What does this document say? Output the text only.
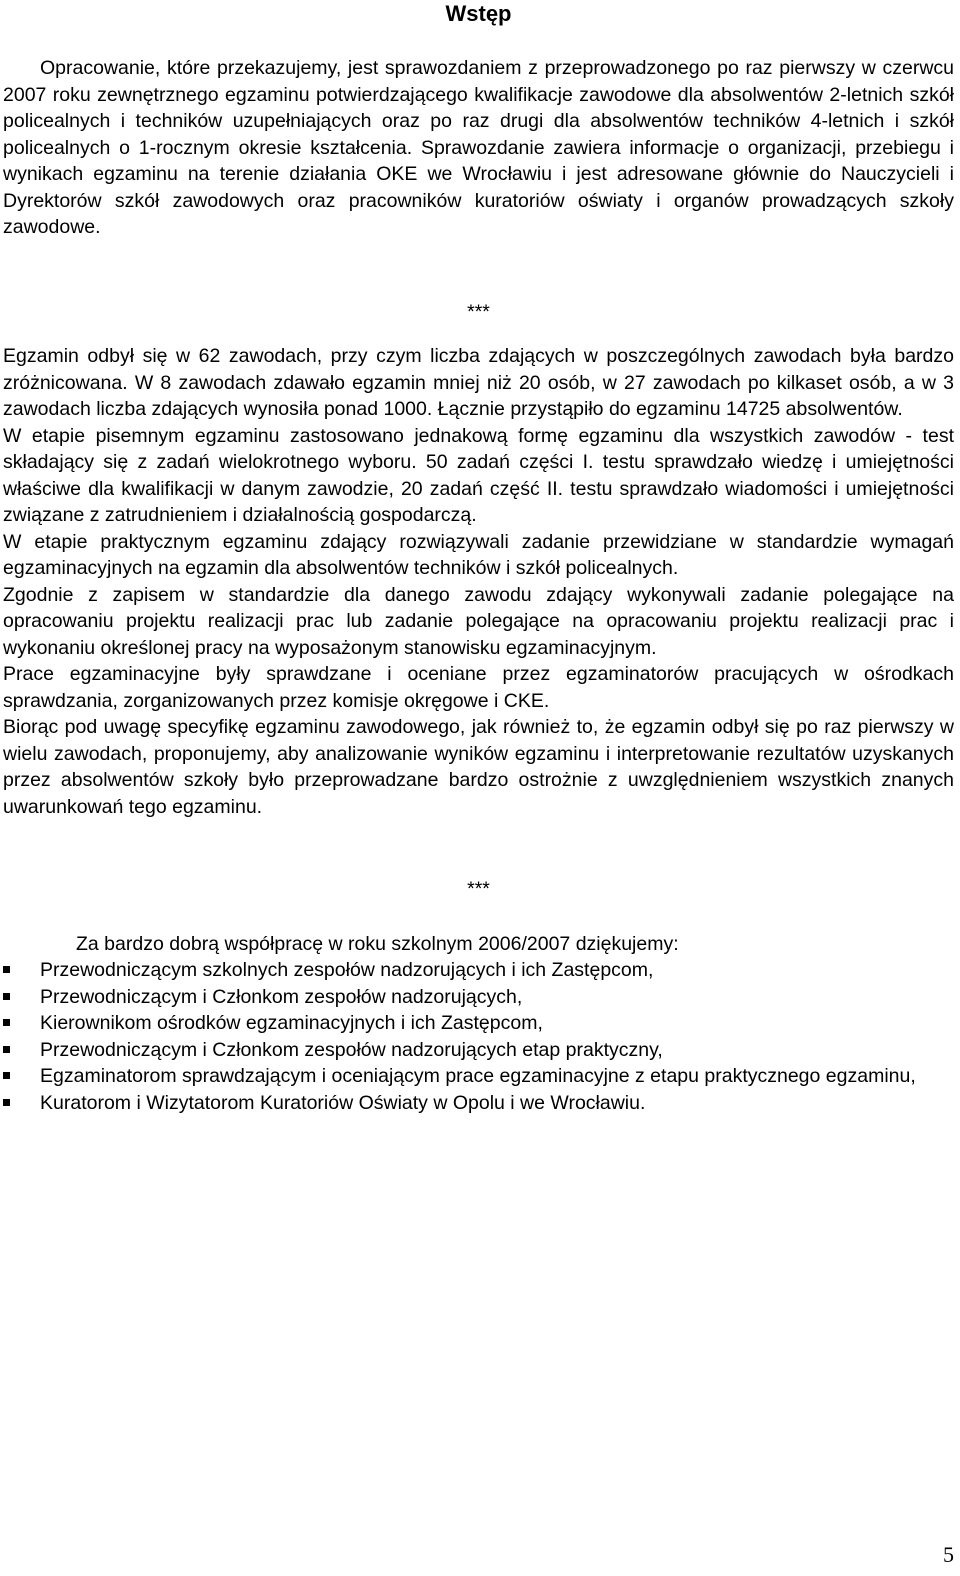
Wstęp

Opracowanie, które przekazujemy, jest sprawozdaniem z przeprowadzonego po raz pierwszy w czerwcu 2007 roku zewnętrznego egzaminu potwierdzającego kwalifikacje zawodowe dla absolwentów 2-letnich szkół policealnych i techników uzupełniających oraz po raz drugi dla absolwentów techników 4-letnich i szkół policealnych o 1-rocznym okresie kształcenia. Sprawozdanie zawiera informacje o organizacji, przebiegu i wynikach egzaminu na terenie działania OKE we Wrocławiu i jest adresowane głównie do Nauczycieli i Dyrektorów szkół zawodowych oraz pracowników kuratoriów oświaty i organów prowadzących szkoły zawodowe.

***

Egzamin odbył się w 62 zawodach, przy czym liczba zdających w poszczególnych zawodach była bardzo zróżnicowana. W 8 zawodach zdawało egzamin mniej niż 20 osób, w 27 zawodach po kilkaset osób, a w 3 zawodach liczba zdających wynosiła ponad 1000. Łącznie przystąpiło do egzaminu 14725 absolwentów.

W etapie pisemnym egzaminu zastosowano jednakową formę egzaminu dla wszystkich zawodów - test składający się z zadań wielokrotnego wyboru. 50 zadań części I. testu sprawdzało wiedzę i umiejętności właściwe dla kwalifikacji w danym zawodzie, 20 zadań część II. testu sprawdzało wiadomości i umiejętności związane z zatrudnieniem i działalnością gospodarczą.

W etapie praktycznym egzaminu zdający rozwiązywali zadanie przewidziane w standardzie wymagań egzaminacyjnych na egzamin dla absolwentów techników i szkół policealnych.

Zgodnie z zapisem w standardzie dla danego zawodu zdający wykonywali zadanie polegające na opracowaniu projektu realizacji prac lub zadanie polegające na opracowaniu projektu realizacji prac i wykonaniu określonej pracy na wyposażonym stanowisku egzaminacyjnym.

Prace egzaminacyjne były sprawdzane i oceniane przez egzaminatorów pracujących w ośrodkach sprawdzania, zorganizowanych przez komisje okręgowe i CKE.

Biorąc pod uwagę specyfikę egzaminu zawodowego, jak również to, że egzamin odbył się po raz pierwszy w wielu zawodach, proponujemy, aby analizowanie wyników egzaminu i interpretowanie rezultatów uzyskanych przez absolwentów szkoły było przeprowadzane bardzo ostrożnie z uwzględnieniem wszystkich znanych uwarunkowań tego egzaminu.

***

Za bardzo dobrą współpracę w roku szkolnym 2006/2007 dziękujemy:

Przewodniczącym szkolnych zespołów nadzorujących i ich Zastępcom,
Przewodniczącym i Członkom zespołów nadzorujących,
Kierownikom ośrodków egzaminacyjnych i ich Zastępcom,
Przewodniczącym i Członkom zespołów nadzorujących etap praktyczny,
Egzaminatorom sprawdzającym i oceniającym prace egzaminacyjne z etapu praktycznego egzaminu,
Kuratorom i Wizytatorom Kuratoriów Oświaty w Opolu i we Wrocławiu.
5
